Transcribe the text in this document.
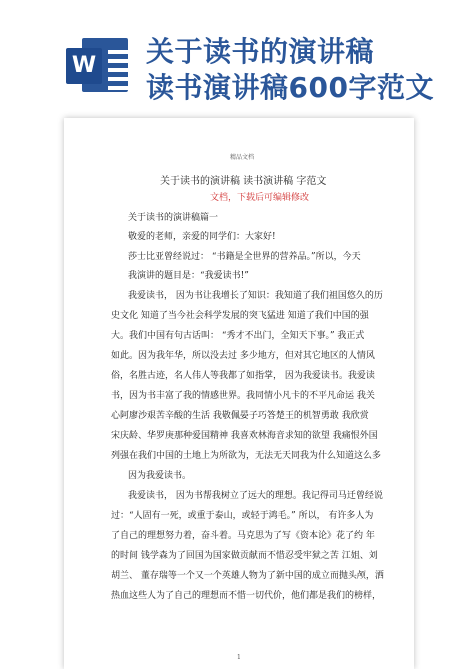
W 关于读书的演讲稿
读书演讲稿600字范文
精品文档
关于读书的演讲稿 读书演讲稿 字范文
文档，下载后可编辑修改
关于读书的演讲稿篇一
敬爱的老师，亲爱的同学们：大家好!
莎士比亚曾经说过： “书籍是全世界的营养品。”所以，今天
我演讲的题目是：“我爱读书!”
我爱读书， 因为书让我增长了知识：我知道了我们祖国悠久的历
史文化 知道了当今社会科学发展的突飞猛进 知道了我们中国的强
大。我们中国有句古话叫： “秀才不出门，全知天下事。” 我正式
如此。因为我年华，所以没去过 多少地方，但对其它地区的人情风
俗，名胜古迹，名人伟人等我都了如指掌， 因为我爱读书。我爱读
书，因为书丰富了我的情感世界。我同情小凡卡的不平凡命运 我关
心阿廖沙艰苦辛酸的生活 我敬佩晏子巧答楚王的机智勇敢 我欣赏
宋庆龄、华罗庚那种爱国精神 我喜欢林海音求知的欲望 我痛恨外国
列强在我们中国的土地上为所欲为，无法无天同我为什么知道这么多
因为我爱读书。
我爱读书， 因为书帮我树立了远大的理想。我记得司马迁曾经说
过：“人固有一死，或重于泰山，或轻于鸿毛。” 所以， 有许多人为
了自己的理想努力着，奋斗着。马克思为了写《资本论》花了约 年
的时间 钱学森为了回国为国家做贡献而不惜忍受牢狱之苦 江姐、刘
胡兰、 董存瑞等一个又一个英雄人物为了新中国的成立而抛头颅，洒
热血这些人为了自己的理想而不惜一切代价，他们都是我们的榜样，
1
